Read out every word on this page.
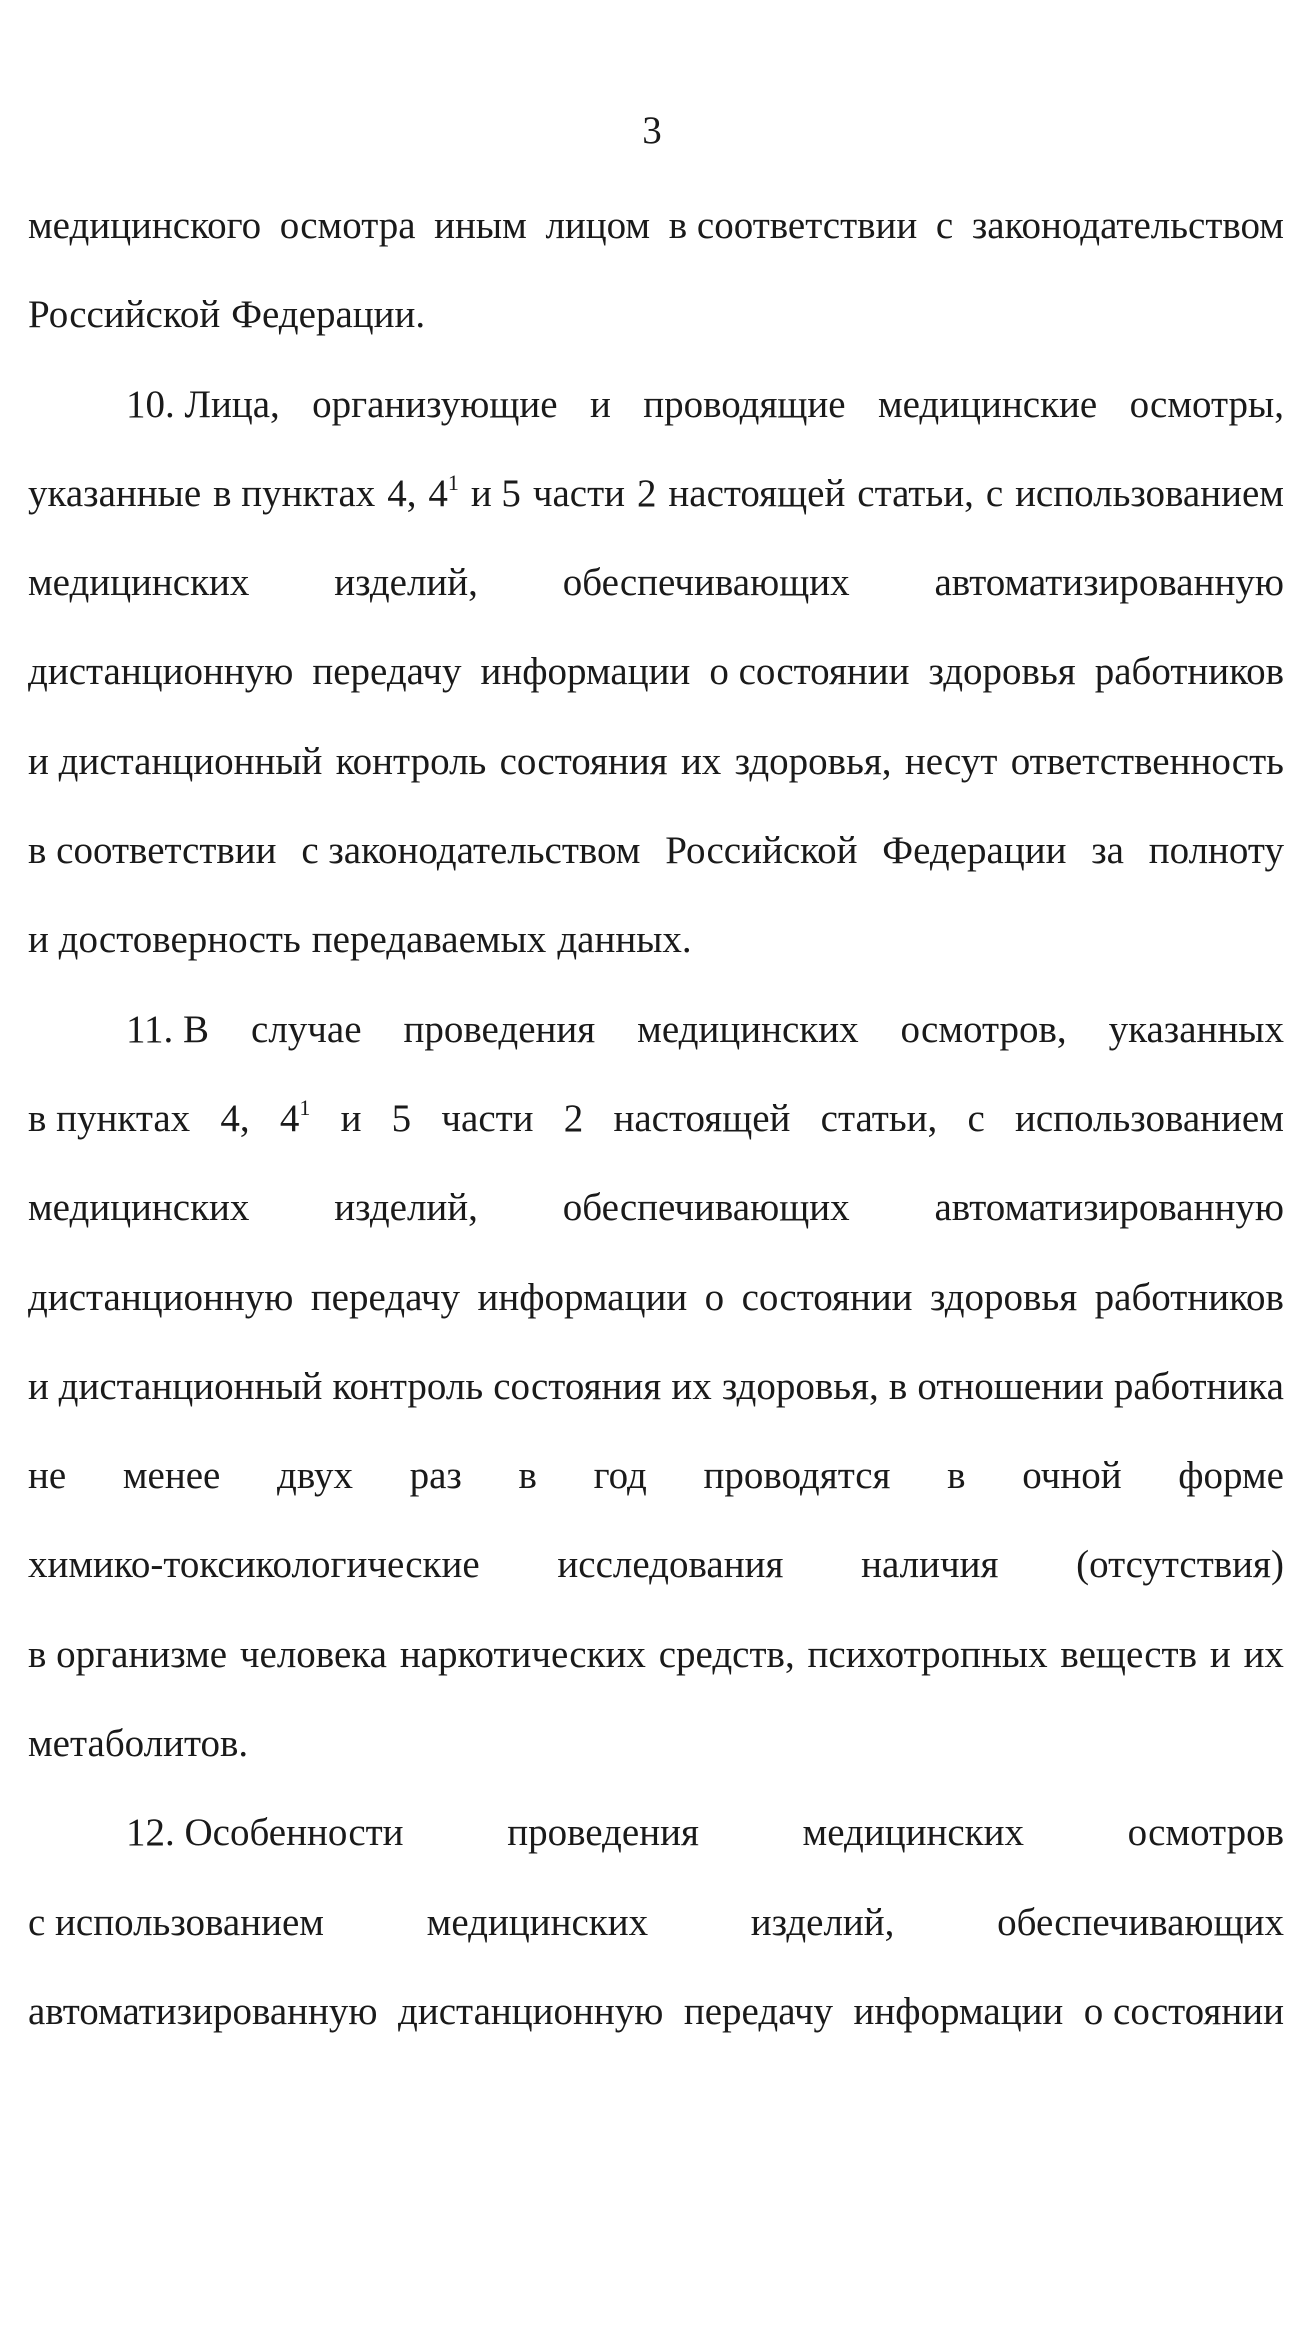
3
медицинского осмотра иным лицом в соответствии с законодательством
Российской Федерации.
10. Лица, организующие и проводящие медицинские осмотры,
указанные в пунктах 4, $4^1$ и 5 части 2 настоящей статьи, с использованием
медицинских изделий, обеспечивающих автоматизированную
дистанционную передачу информации о состоянии здоровья работников
и дистанционный контроль состояния их здоровья, несут ответственность
в соответствии с законодательством Российской Федерации за полноту
и достоверность передаваемых данных.
11. В случае проведения медицинских осмотров, указанных
в пунктах 4, $4^1$ и 5 части 2 настоящей статьи, с использованием
медицинских изделий, обеспечивающих автоматизированную
дистанционную передачу информации о состоянии здоровья работников
и дистанционный контроль состояния их здоровья, в отношении работника
не менее двух раз в год проводятся в очной форме
химико-токсикологические исследования наличия (отсутствия)
в организме человека наркотических средств, психотропных веществ и их
метаболитов.
12. Особенности	проведения	медицинских	осмотров
с использованием	медицинских	изделий,	обеспечивающих
автоматизированную дистанционную передачу информации о состоянии
